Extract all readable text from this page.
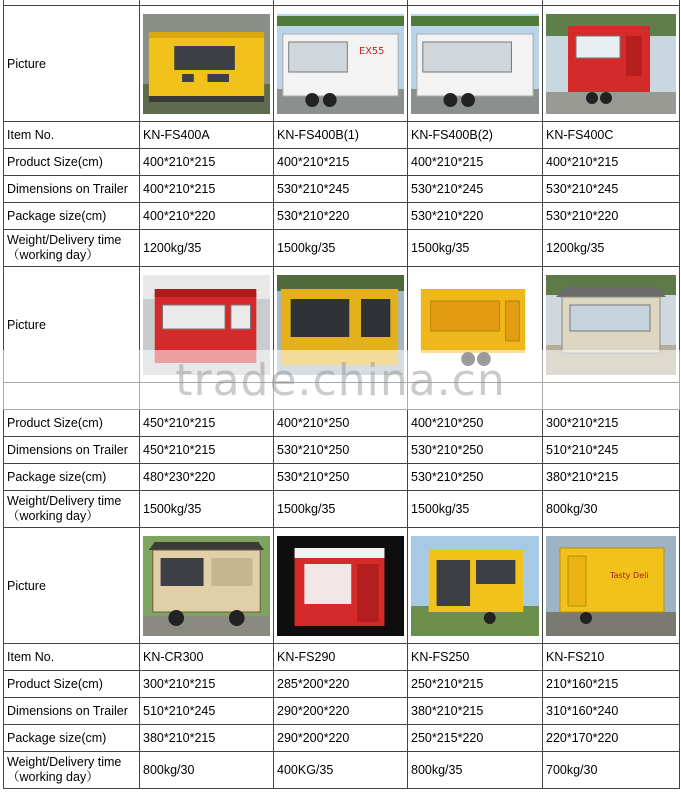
Picture		EX55

Item No.	KN-FS400A	KN-FS400B(1)	KN-FS400B(2)	KN-FS400C
Product Size(cm)	400*210*215	400*210*215	400*210*215	400*210*215
Dimensions on Trailer	400*210*215	530*210*245	530*210*245	530*210*245
Package size(cm)	400*210*220	530*210*220	530*210*220	530*210*220
Weight/Delivery time
（working day）	1200kg/35	1500kg/35	1500kg/35	1200kg/35
Picture	

Product Size(cm)	450*210*215	400*210*250	400*210*250	300*210*215
Dimensions on Trailer	450*210*215	530*210*250	530*210*250	510*210*245
Package size(cm)	480*230*220	530*210*250	530*210*250	380*210*215
Weight/Delivery time
（working day）	1500kg/35	1500kg/35	1500kg/35	800kg/30
Picture				Tasty Deli

Item No.	KN-CR300	KN-FS290	KN-FS250	KN-FS210
Product Size(cm)	300*210*215	285*200*220	250*210*215	210*160*215
Dimensions on Trailer	510*210*245	290*200*220	380*210*215	310*160*240
Package size(cm)	380*210*215	290*200*220	250*215*220	220*170*220
Weight/Delivery time
（working day）	800kg/30	400KG/35	800kg/35	700kg/30
trade.china.cn
